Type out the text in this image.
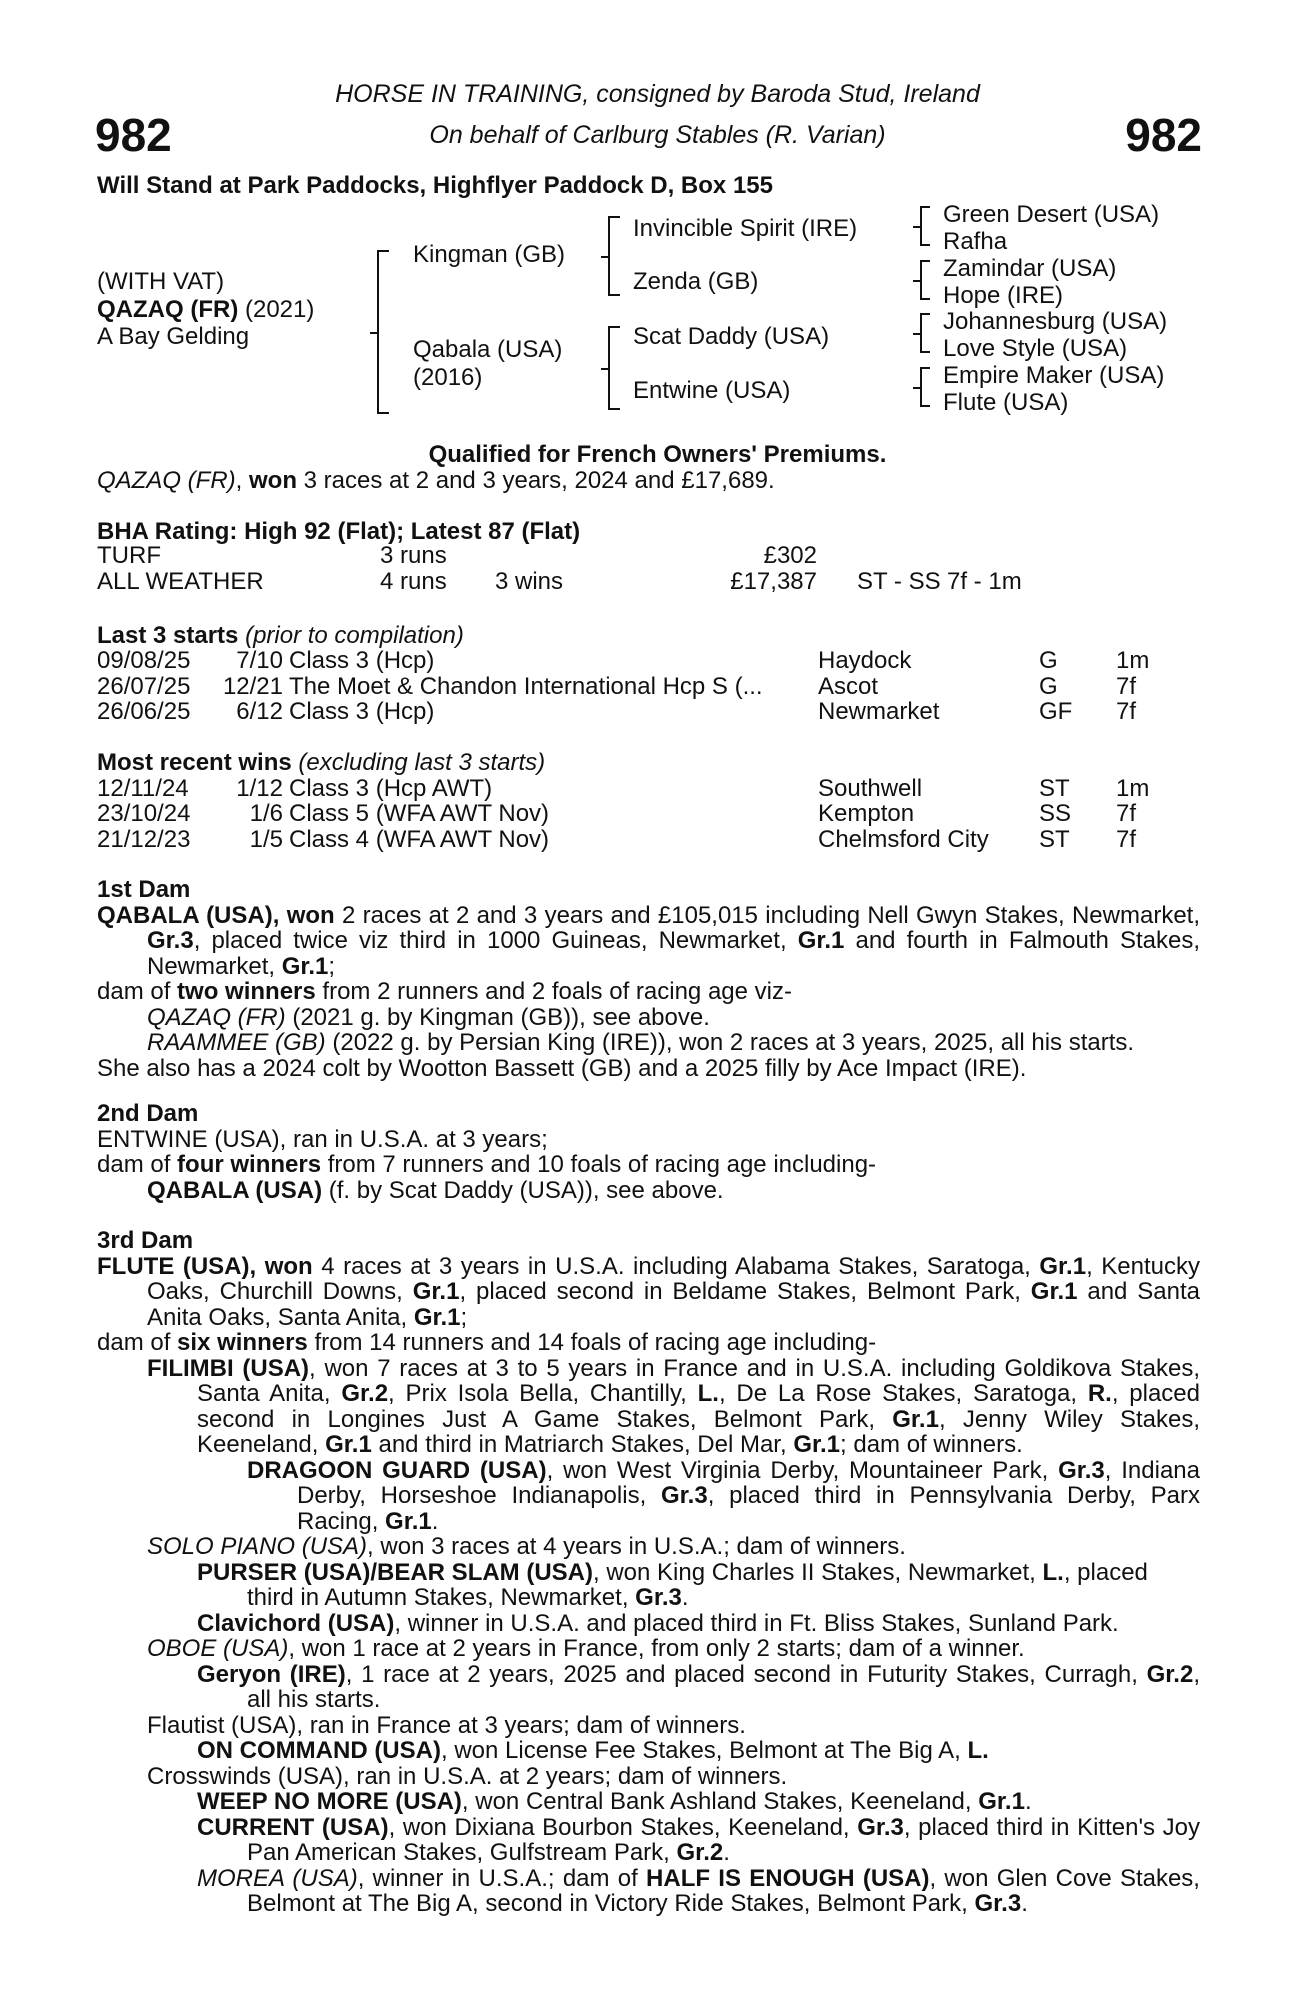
982	982
HORSE IN TRAINING, consigned by Baroda Stud, Ireland
On behalf of Carlburg Stables (R. Varian)
Will Stand at Park Paddocks, Highflyer Paddock D, Box 155
(WITH VAT)
QAZAQ (FR) (2021)
A Bay Gelding
Kingman (GB)
Qabala (USA)
(2016)
Invincible Spirit (IRE)
Zenda (GB)
Scat Daddy (USA)
Entwine (USA)
Green Desert (USA)
Rafha
Zamindar (USA)
Hope (IRE)
Johannesburg (USA)
Love Style (USA)
Empire Maker (USA)
Flute (USA)
Qualified for French Owners' Premiums.
QAZAQ (FR), won 3 races at 2 and 3 years, 2024 and £17,689.
BHA Rating: High 92 (Flat); Latest 87 (Flat)
TURF	3 runs	£302
ALL WEATHER	4 runs 3 wins	£17,387 ST - SS 7f - 1m
Last 3 starts (prior to compilation)
09/08/25 7/10 Class 3 (Hcp)	Haydock	G 1m
26/07/25 12/21 The Moet & Chandon International Hcp S (... Ascot	G 7f
26/06/25 6/12 Class 3 (Hcp)	Newmarket	GF 7f
Most recent wins (excluding last 3 starts)
12/11/24 1/12 Class 3 (Hcp AWT)	Southwell	ST 1m
23/10/24 1/6 Class 5 (WFA AWT Nov)	Kempton	SS 7f
21/12/23 1/5 Class 4 (WFA AWT Nov)	Chelmsford City ST 7f

1st Dam

QABALA (USA), won 2 races at 2 and 3 years and £105,015 including Nell Gwyn Stakes, Newmarket, Gr.3, placed twice viz third in 1000 Guineas, Newmarket, Gr.1 and fourth in Falmouth Stakes, Newmarket, Gr.1;

dam of two winners from 2 runners and 2 foals of racing age viz-

QAZAQ (FR) (2021 g. by Kingman (GB)), see above.

RAAMMEE (GB) (2022 g. by Persian King (IRE)), won 2 races at 3 years, 2025, all his starts.

She also has a 2024 colt by Wootton Bassett (GB) and a 2025 filly by Ace Impact (IRE).

2nd Dam

ENTWINE (USA), ran in U.S.A. at 3 years;

dam of four winners from 7 runners and 10 foals of racing age including-

QABALA (USA) (f. by Scat Daddy (USA)), see above.

3rd Dam

FLUTE (USA), won 4 races at 3 years in U.S.A. including Alabama Stakes, Saratoga, Gr.1, Kentucky Oaks, Churchill Downs, Gr.1, placed second in Beldame Stakes, Belmont Park, Gr.1 and Santa Anita Oaks, Santa Anita, Gr.1;

dam of six winners from 14 runners and 14 foals of racing age including-

FILIMBI (USA), won 7 races at 3 to 5 years in France and in U.S.A. including Goldikova Stakes, Santa Anita, Gr.2, Prix Isola Bella, Chantilly, L., De La Rose Stakes, Saratoga, R., placed second in Longines Just A Game Stakes, Belmont Park, Gr.1, Jenny Wiley Stakes, Keeneland, Gr.1 and third in Matriarch Stakes, Del Mar, Gr.1; dam of winners.

DRAGOON GUARD (USA), won West Virginia Derby, Mountaineer Park, Gr.3, Indiana Derby, Horseshoe Indianapolis, Gr.3, placed third in Pennsylvania Derby, Parx Racing, Gr.1.

SOLO PIANO (USA), won 3 races at 4 years in U.S.A.; dam of winners.

PURSER (USA)/BEAR SLAM (USA), won King Charles II Stakes, Newmarket, L., placed third in Autumn Stakes, Newmarket, Gr.3.

Clavichord (USA), winner in U.S.A. and placed third in Ft. Bliss Stakes, Sunland Park.

OBOE (USA), won 1 race at 2 years in France, from only 2 starts; dam of a winner.

Geryon (IRE), 1 race at 2 years, 2025 and placed second in Futurity Stakes, Curragh, Gr.2, all his starts.

Flautist (USA), ran in France at 3 years; dam of winners.

ON COMMAND (USA), won License Fee Stakes, Belmont at The Big A, L.

Crosswinds (USA), ran in U.S.A. at 2 years; dam of winners.

WEEP NO MORE (USA), won Central Bank Ashland Stakes, Keeneland, Gr.1.

CURRENT (USA), won Dixiana Bourbon Stakes, Keeneland, Gr.3, placed third in Kitten's Joy Pan American Stakes, Gulfstream Park, Gr.2.

MOREA (USA), winner in U.S.A.; dam of HALF IS ENOUGH (USA), won Glen Cove Stakes, Belmont at The Big A, second in Victory Ride Stakes, Belmont Park, Gr.3.
